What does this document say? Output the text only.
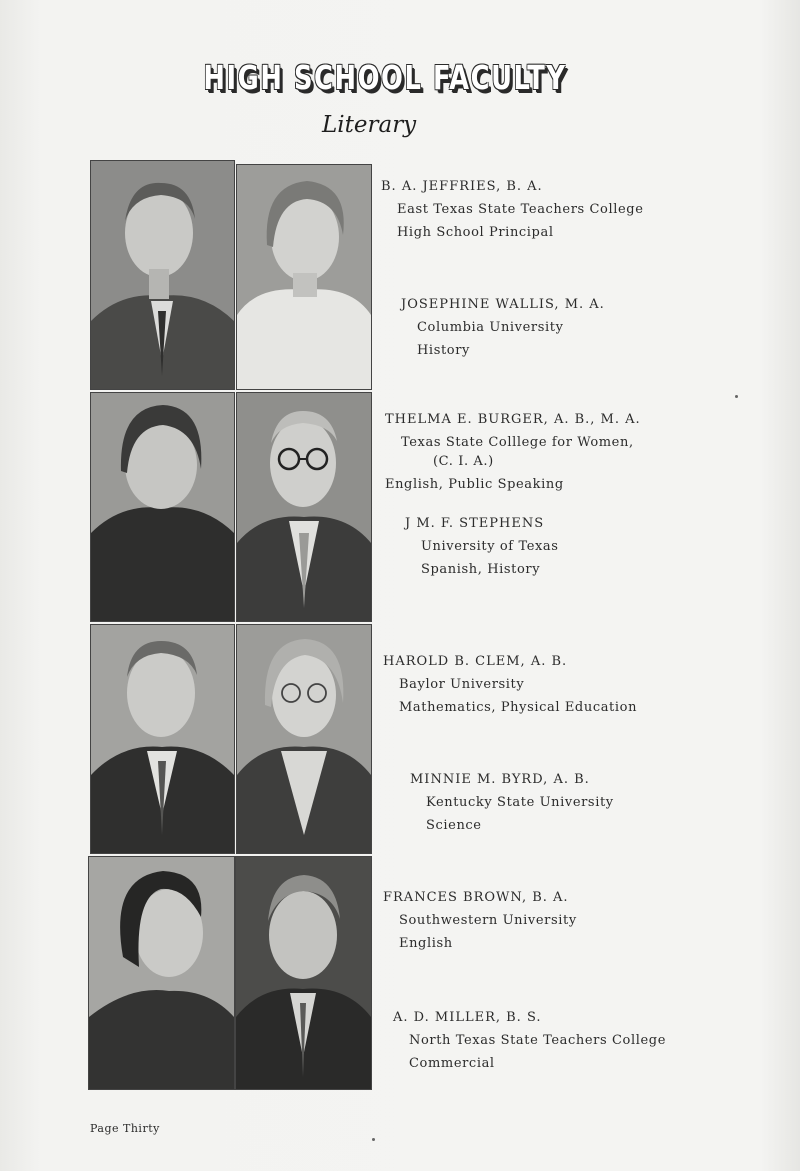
HIGH SCHOOL FACULTY
Literary
B. A. JEFFRIES, B. A.
East Texas State Teachers College
High School Principal
JOSEPHINE WALLIS, M. A.
Columbia University
History
THELMA E. BURGER, A. B., M. A.
Texas State Colllege for Women,
(C. I. A.)
English, Public Speaking
J M. F. STEPHENS
University of Texas
Spanish, History
HAROLD B. CLEM, A. B.
Baylor University
Mathematics, Physical Education
MINNIE M. BYRD, A. B.
Kentucky State University
Science
FRANCES BROWN, B. A.
Southwestern University
English
A. D. MILLER, B. S.
North Texas State Teachers College
Commercial
Page Thirty
